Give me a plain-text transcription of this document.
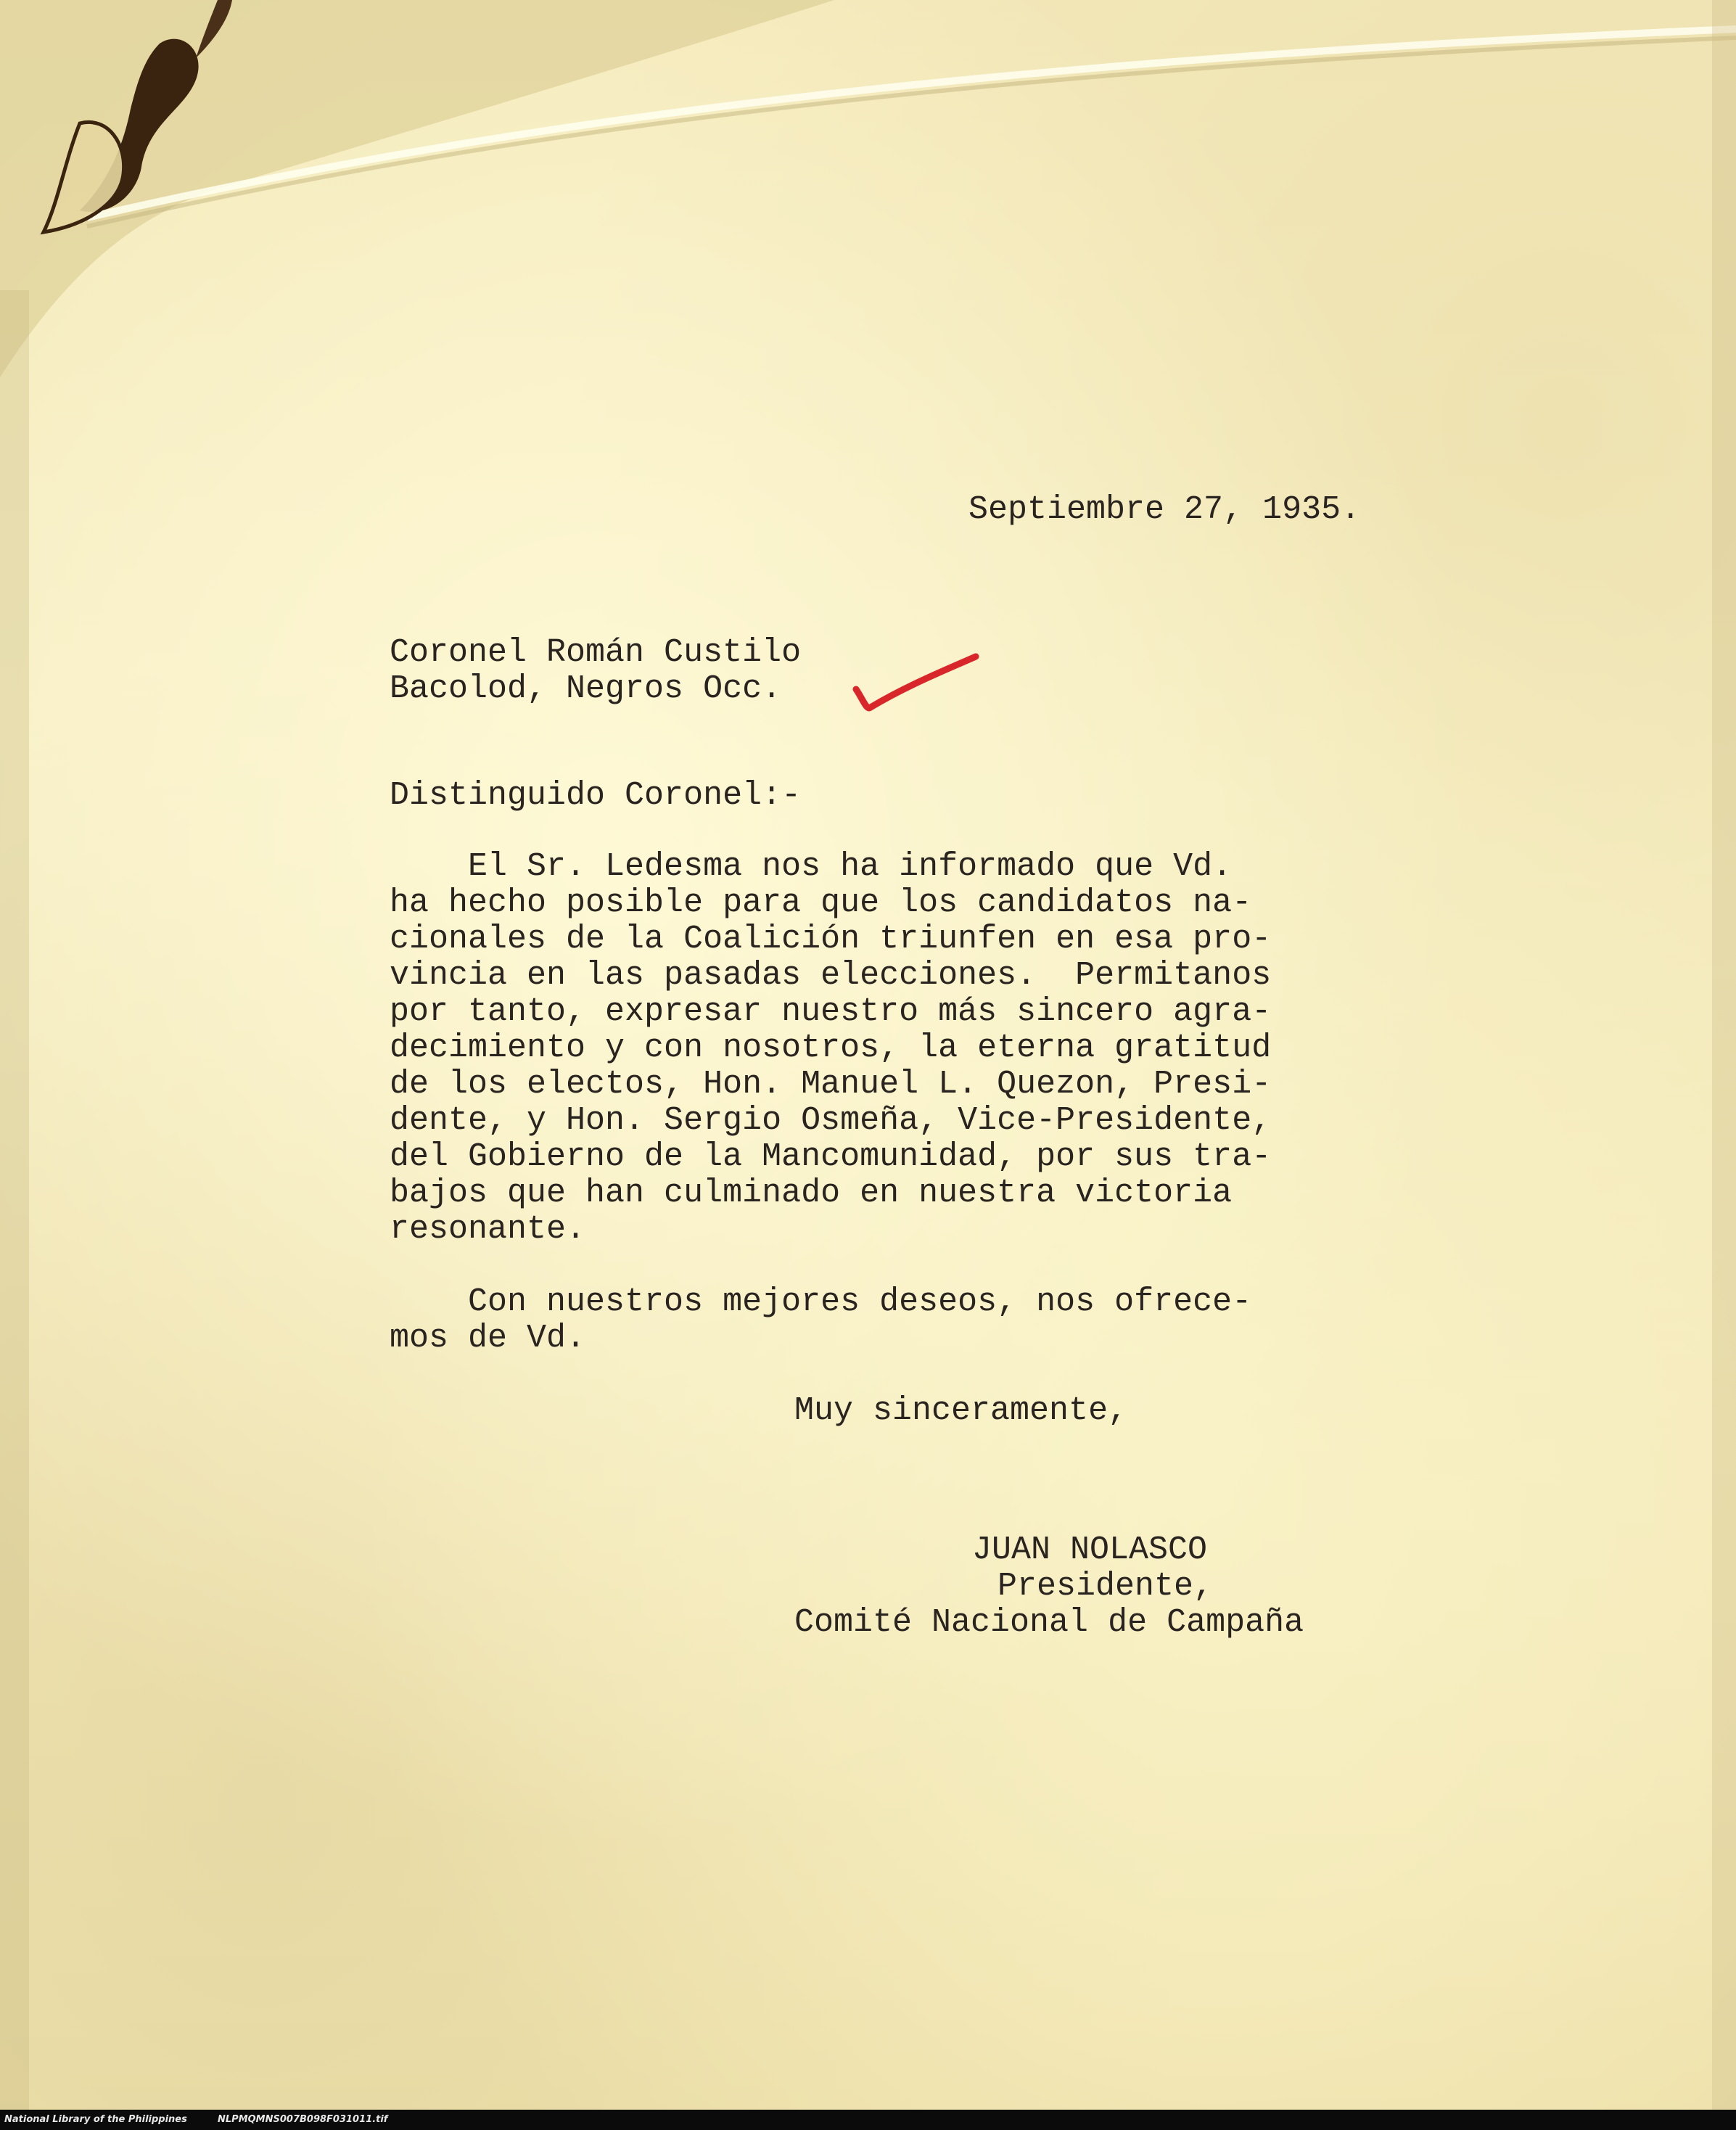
Septiembre 27, 1935.

Coronel Román Custilo

Bacolod, Negros Occ.

Distinguido Coronel:-

El Sr. Ledesma nos ha informado que Vd.

ha hecho posible para que los candidatos na-

cionales de la Coalición triunfen en esa pro-

vincia en las pasadas elecciones.  Permitanos

por tanto, expresar nuestro más sincero agra-

decimiento y con nosotros, la eterna gratitud

de los electos, Hon. Manuel L. Quezon, Presi-

dente, y Hon. Sergio Osmeña, Vice-Presidente,

del Gobierno de la Mancomunidad, por sus tra-

bajos que han culminado en nuestra victoria

resonante.

Con nuestros mejores deseos, nos ofrece-

mos de Vd.

Muy sinceramente,

JUAN NOLASCO

Presidente,

Comité Nacional de Campaña

National Library of the Philippines	NLPMQMNS007B098F031011.tif
